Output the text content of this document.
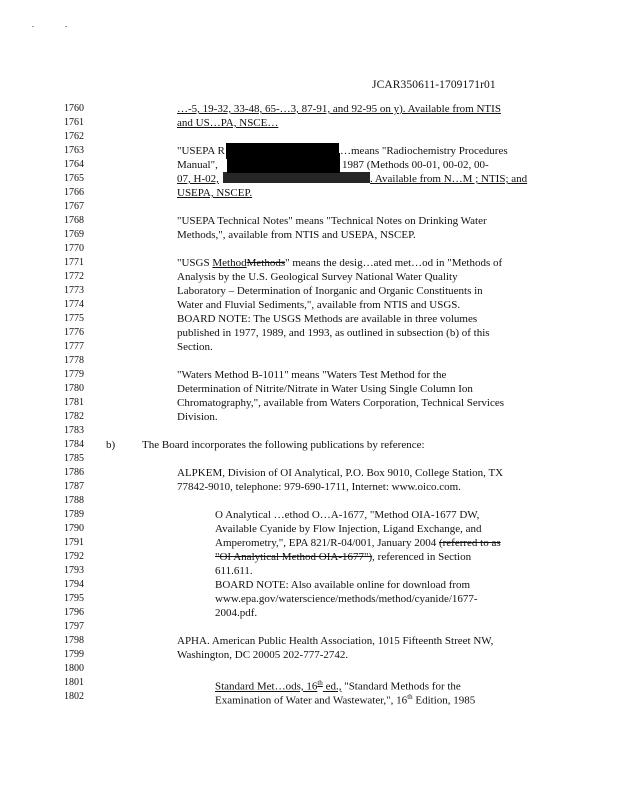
JCAR350611-1709171r01
1760
1761
1762
1763
1764
1765
1766
1767
1768
1769
1770
1771
1772
1773
1774
1775
1776
1777
1778
1779
1780
1781
1782
1783
1784
1785
1786
1787
1788
1789
1790
1791
1792
1793
1794
1795
1796
1797
1798
1799
1800
1801
1802
…-5, 19-32, 33-48, 65-…3, 87-91, and 92-95 on y). Available from NTIS
and US…PA, NSCE…
"USEPA R	…means "Radiochemistry Procedures
Manual",	1987 (Methods 00-01, 00-02, 00-
07, H-02,	. Available from N…M ; NTIS; and
USEPA, NSCEP.
"USEPA Technical Notes" means "Technical Notes on Drinking Water
Methods,", available from NTIS and USEPA, NSCEP.
"USGS MethodMethods" means the desig…ated met…od in "Methods of
Analysis by the U.S. Geological Survey National Water Quality
Laboratory – Determination of Inorganic and Organic Constituents in
Water and Fluvial Sediments,", available from NTIS and USGS.
BOARD NOTE: The USGS Methods are available in three volumes
published in 1977, 1989, and 1993, as outlined in subsection (b) of this
Section.
"Waters Method B-1011" means "Waters Test Method for the
Determination of Nitrite/Nitrate in Water Using Single Column Ion
Chromatography,", available from Waters Corporation, Technical Services
Division.
b) The Board incorporates the following publications by reference:
ALPKEM, Division of OI Analytical, P.O. Box 9010, College Station, TX
77842-9010, telephone: 979-690-1711, Internet: www.oico.com.
O Analytical …ethod O…A-1677, "Method OIA-1677 DW,
Available Cyanide by Flow Injection, Ligand Exchange, and
Amperometry,", EPA 821/R-04/001, January 2004 (referred to as
"OI Analytical Method OIA-1677"), referenced in Section
611.611.
BOARD NOTE: Also available online for download from
www.epa.gov/waterscience/methods/method/cyanide/1677-
2004.pdf.
APHA. American Public Health Association, 1015 Fifteenth Street NW,
Washington, DC 20005 202-777-2742.
Standard Met…ods, 16th ed., "Standard Methods for the
Examination of Water and Wastewater,", 16th Edition, 1985
